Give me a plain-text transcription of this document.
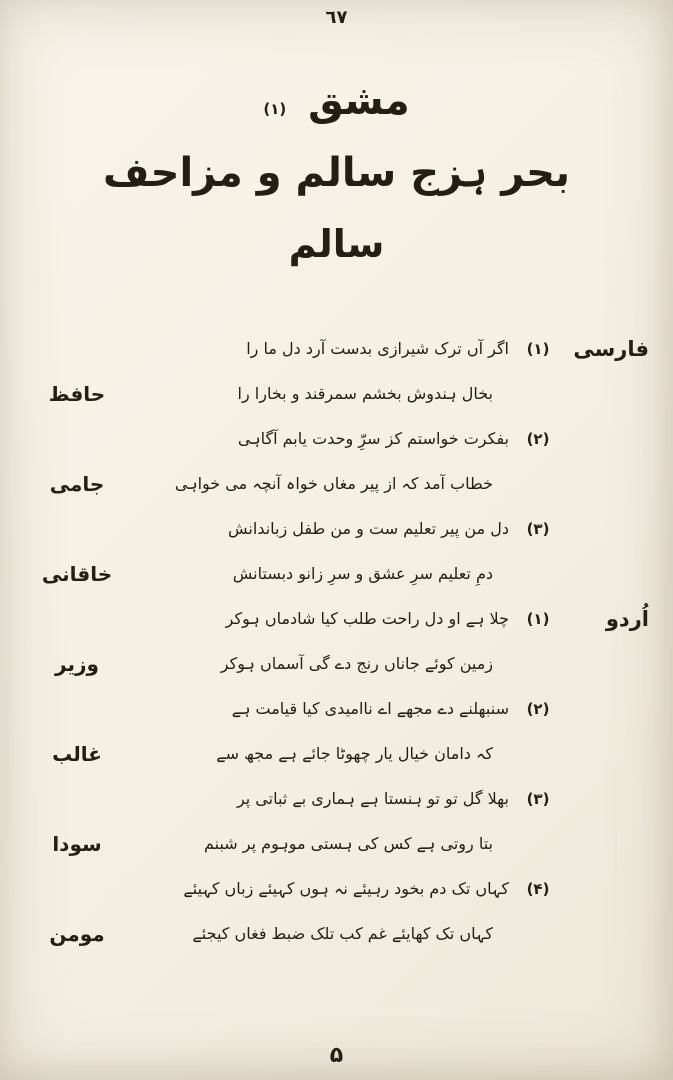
٦٧
مشق (۱)
بحر ہزج سالم و مزاحف
سالم
فارسی
(۱)
اگر آں ترک شیرازی بدست آرد دل ما را
بخال ہندوش بخشم سمرقند و بخارا را
حافظ
(۲)
بفکرت خواستم کز سرِّ وحدت یابم آگاہی
خطاب آمد کہ از پیر مغاں خواہ آنچہ می خواہی
جامی
(۳)
دل من پیر تعلیم ست و من طفل زباندانش
دمِ تعلیم سرِ عشق و سرِ زانو دبستانش
خاقانی
اُردو
(۱)
چلا ہے او دل راحت طلب کیا شادماں ہوکر
زمین کوئے جاناں رنج دے گی آسماں ہوکر
وزیر
(۲)
سنبھلنے دے مجھے اے ناامیدی کیا قیامت ہے
کہ دامان خیال یار چھوٹا جائے ہے مجھ سے
غالب
(۳)
بھلا گل تو تو ہنستا ہے ہماری بے ثباتی پر
بتا روتی ہے کس کی ہستی موہوم پر شبنم
سودا
(۴)
کہاں تک دم بخود رہیئے نہ ہوں کہیئے زباں کہیئے
کہاں تک کھایئے غم کب تلک ضبط فغاں کیجئے
مومن
۵
